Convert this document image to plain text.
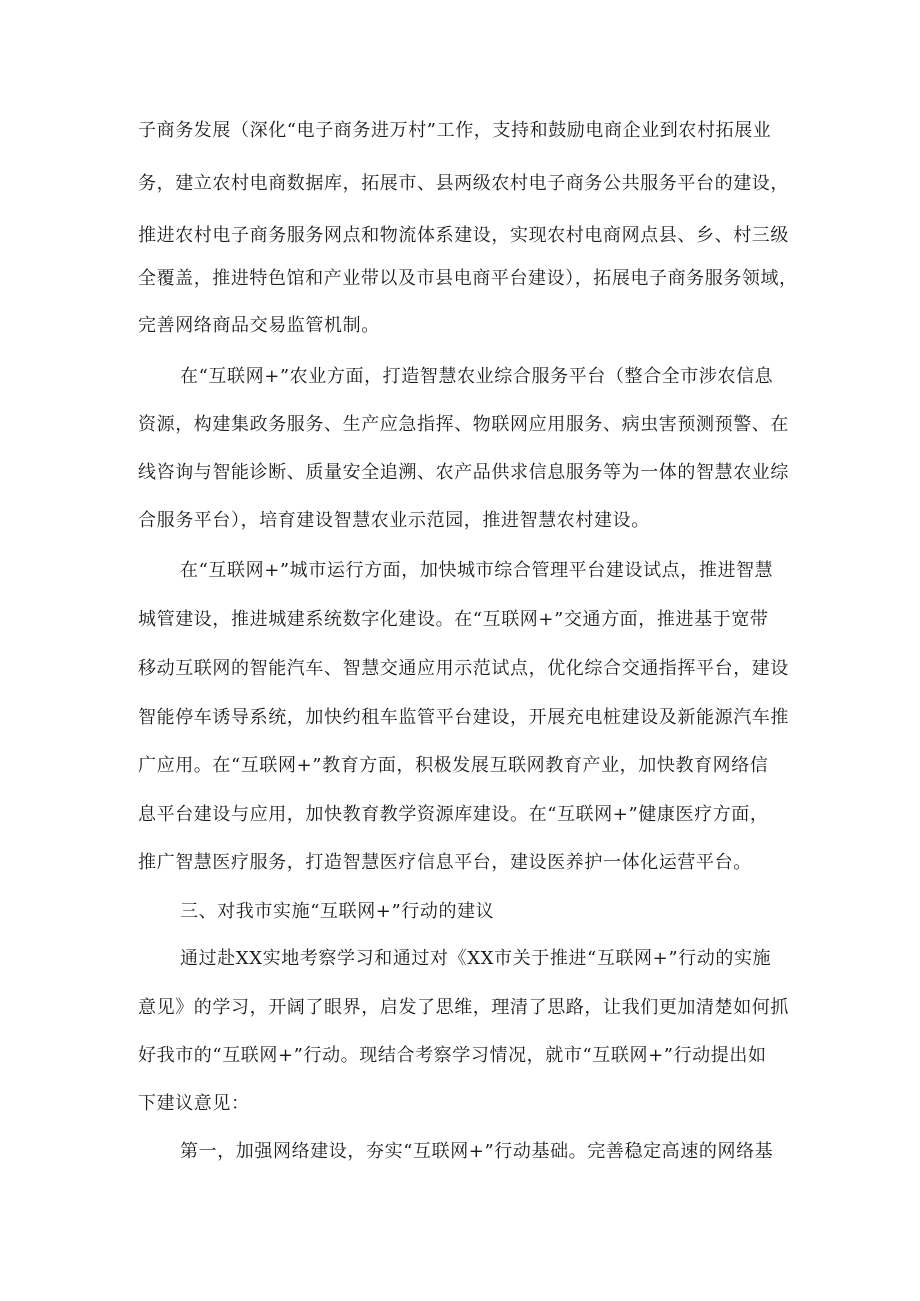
子商务发展（深化“电子商务进万村”工作，支持和鼓励电商企业到农村拓展业

务，建立农村电商数据库，拓展市、县两级农村电子商务公共服务平台的建设，

推进农村电子商务服务网点和物流体系建设，实现农村电商网点县、乡、村三级

全覆盖，推进特色馆和产业带以及市县电商平台建设），拓展电子商务服务领域，

完善网络商品交易监管机制。

在“互联网+”农业方面，打造智慧农业综合服务平台（整合全市涉农信息

资源，构建集政务服务、生产应急指挥、物联网应用服务、病虫害预测预警、在

线咨询与智能诊断、质量安全追溯、农产品供求信息服务等为一体的智慧农业综

合服务平台），培育建设智慧农业示范园，推进智慧农村建设。

在“互联网+”城市运行方面，加快城市综合管理平台建设试点，推进智慧

城管建设，推进城建系统数字化建设。在“互联网+”交通方面，推进基于宽带

移动互联网的智能汽车、智慧交通应用示范试点，优化综合交通指挥平台，建设

智能停车诱导系统，加快约租车监管平台建设，开展充电桩建设及新能源汽车推

广应用。在“互联网+”教育方面，积极发展互联网教育产业，加快教育网络信

息平台建设与应用，加快教育教学资源库建设。在“互联网+”健康医疗方面，

推广智慧医疗服务，打造智慧医疗信息平台，建设医养护一体化运营平台。

三、对我市实施“互联网+”行动的建议

通过赴XX实地考察学习和通过对《XX市关于推进“互联网+”行动的实施

意见》的学习，开阔了眼界，启发了思维，理清了思路，让我们更加清楚如何抓

好我市的“互联网+”行动。现结合考察学习情况，就市“互联网+”行动提出如

下建议意见：

第一，加强网络建设，夯实“互联网+”行动基础。完善稳定高速的网络基
